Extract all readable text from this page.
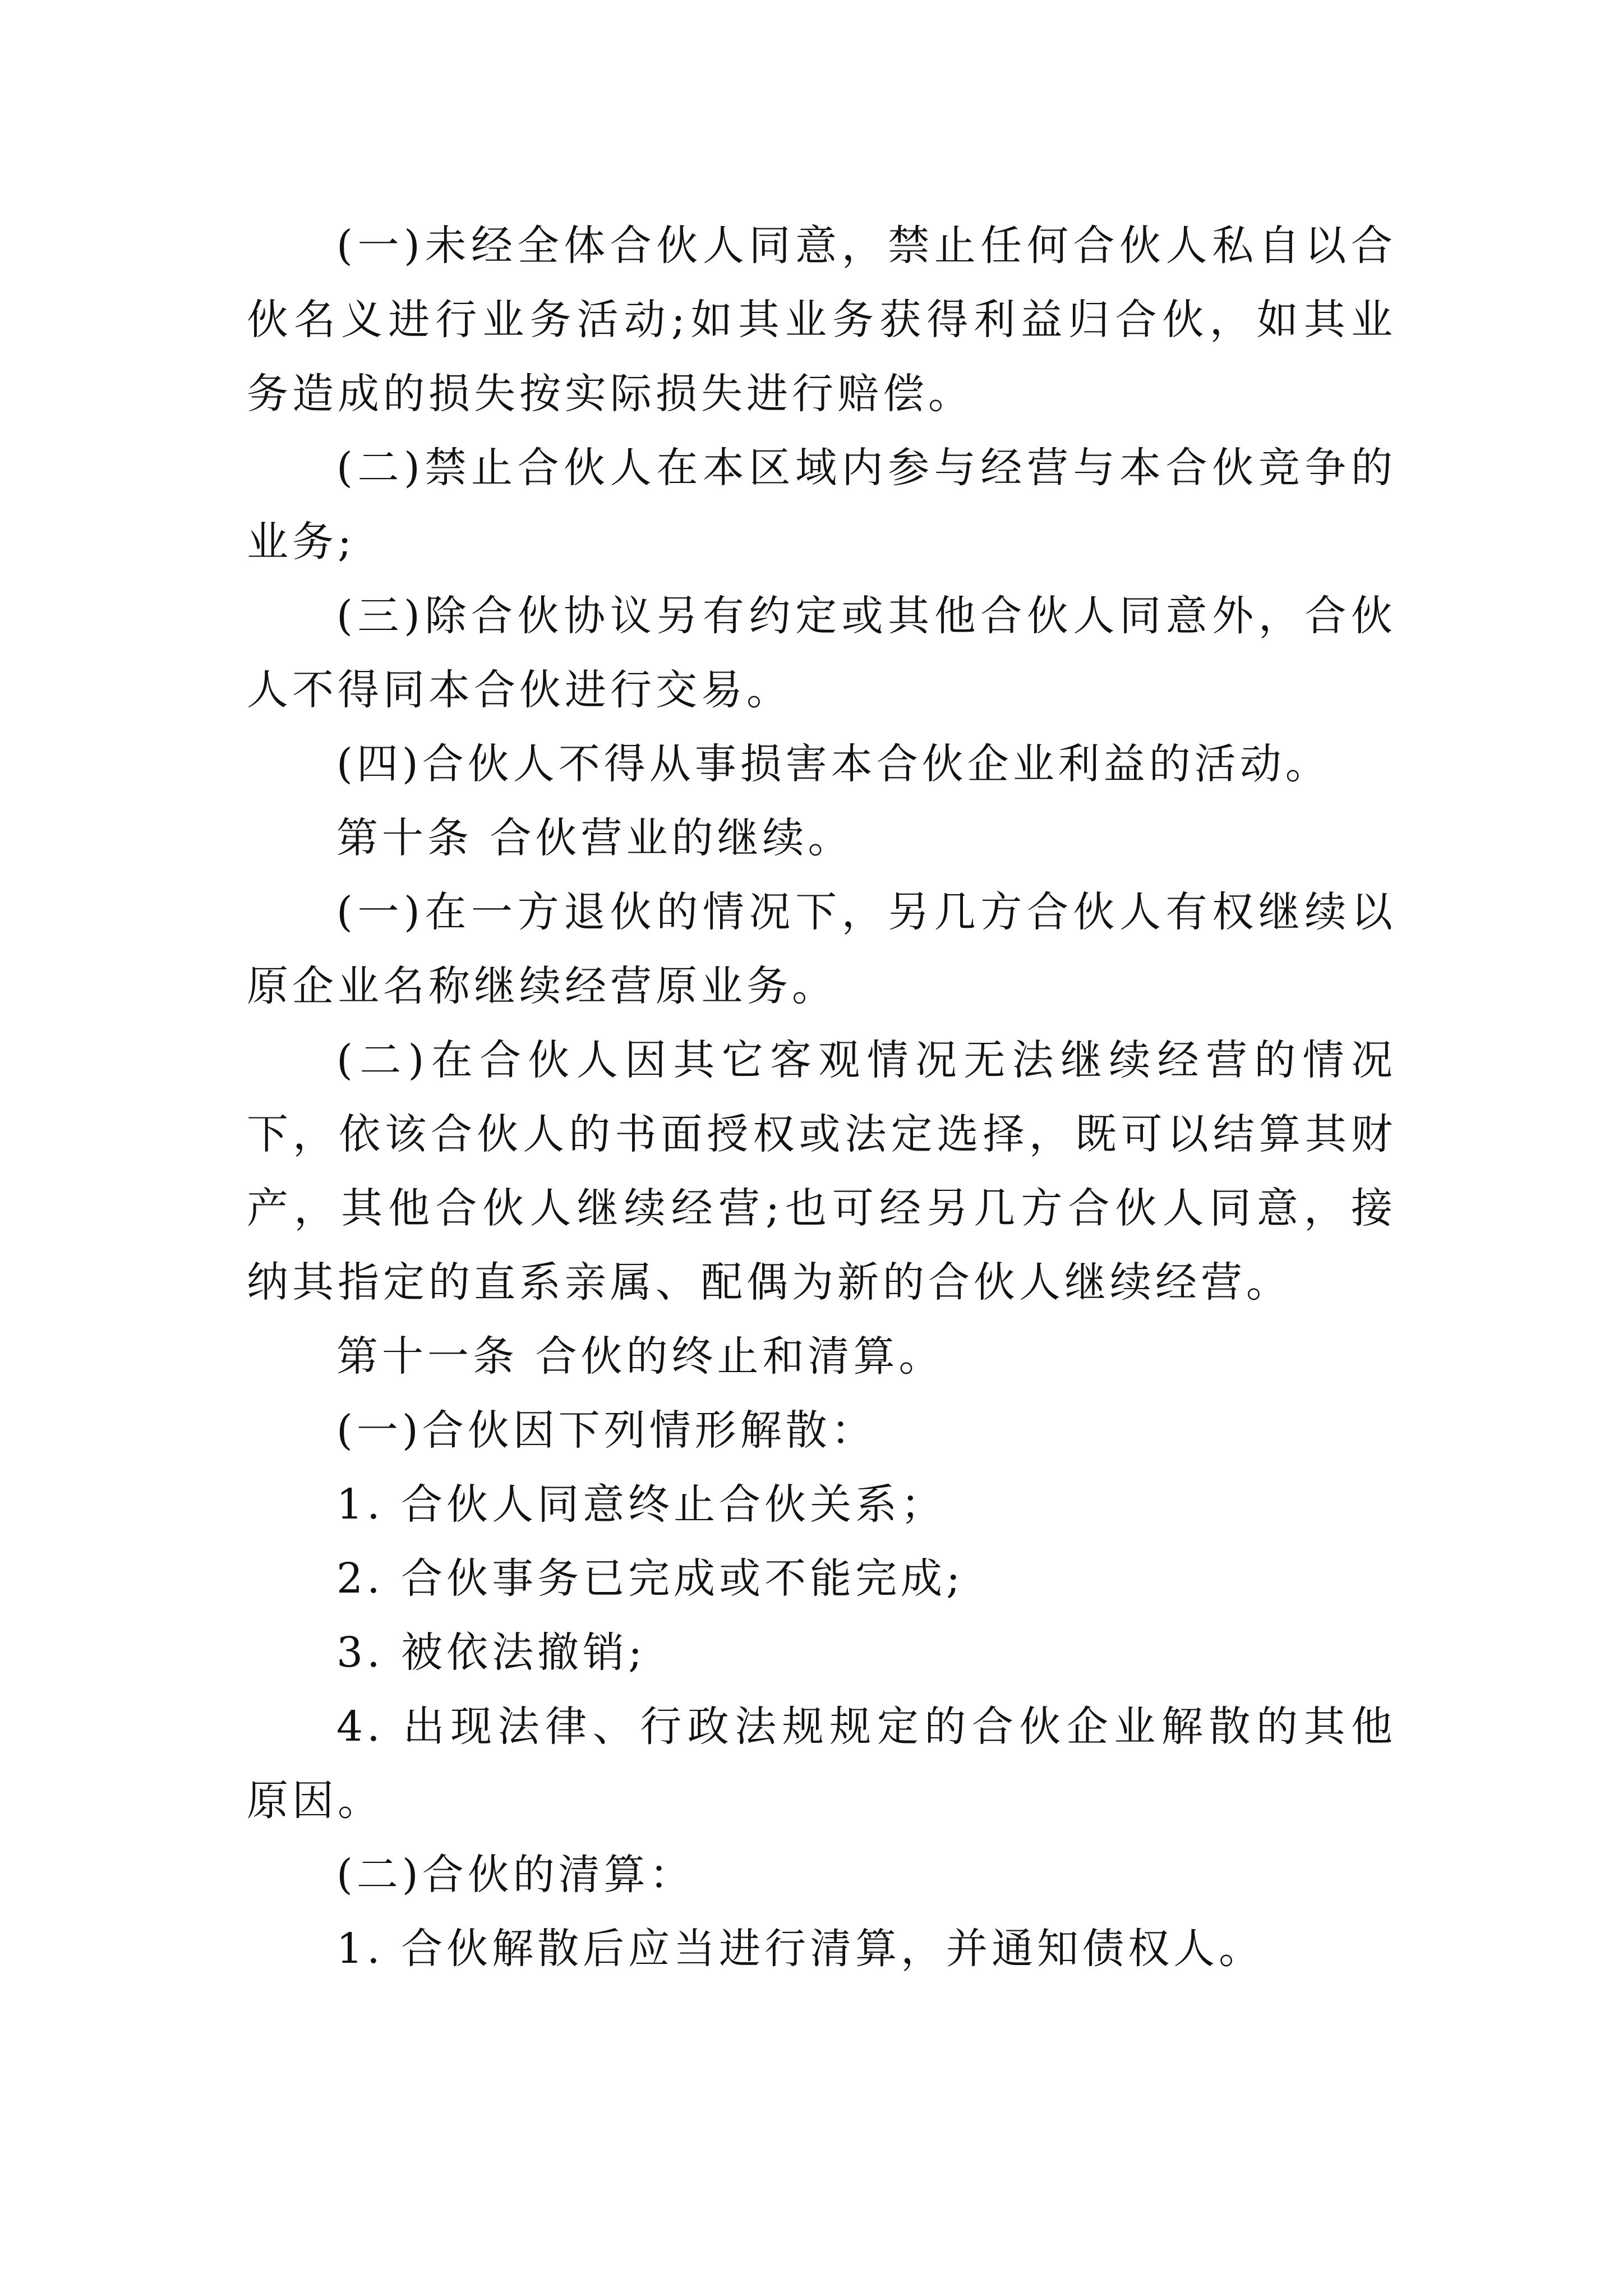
(一)未经全体合伙人同意，禁止任何合伙人私自以合伙名义进行业务活动;如其业务获得利益归合伙，如其业务造成的损失按实际损失进行赔偿。

(二)禁止合伙人在本区域内参与经营与本合伙竞争的业务;

(三)除合伙协议另有约定或其他合伙人同意外，合伙人不得同本合伙进行交易。

(四)合伙人不得从事损害本合伙企业利益的活动。

第十条 合伙营业的继续。

(一)在一方退伙的情况下，另几方合伙人有权继续以原企业名称继续经营原业务。

(二)在合伙人因其它客观情况无法继续经营的情况下，依该合伙人的书面授权或法定选择，既可以结算其财产，其他合伙人继续经营;也可经另几方合伙人同意，接纳其指定的直系亲属、配偶为新的合伙人继续经营。

第十一条 合伙的终止和清算。

(一)合伙因下列情形解散：

1. 合伙人同意终止合伙关系；

2. 合伙事务已完成或不能完成;

3. 被依法撤销;

4. 出现法律、行政法规规定的合伙企业解散的其他原因。

(二)合伙的清算：

1. 合伙解散后应当进行清算，并通知债权人。
